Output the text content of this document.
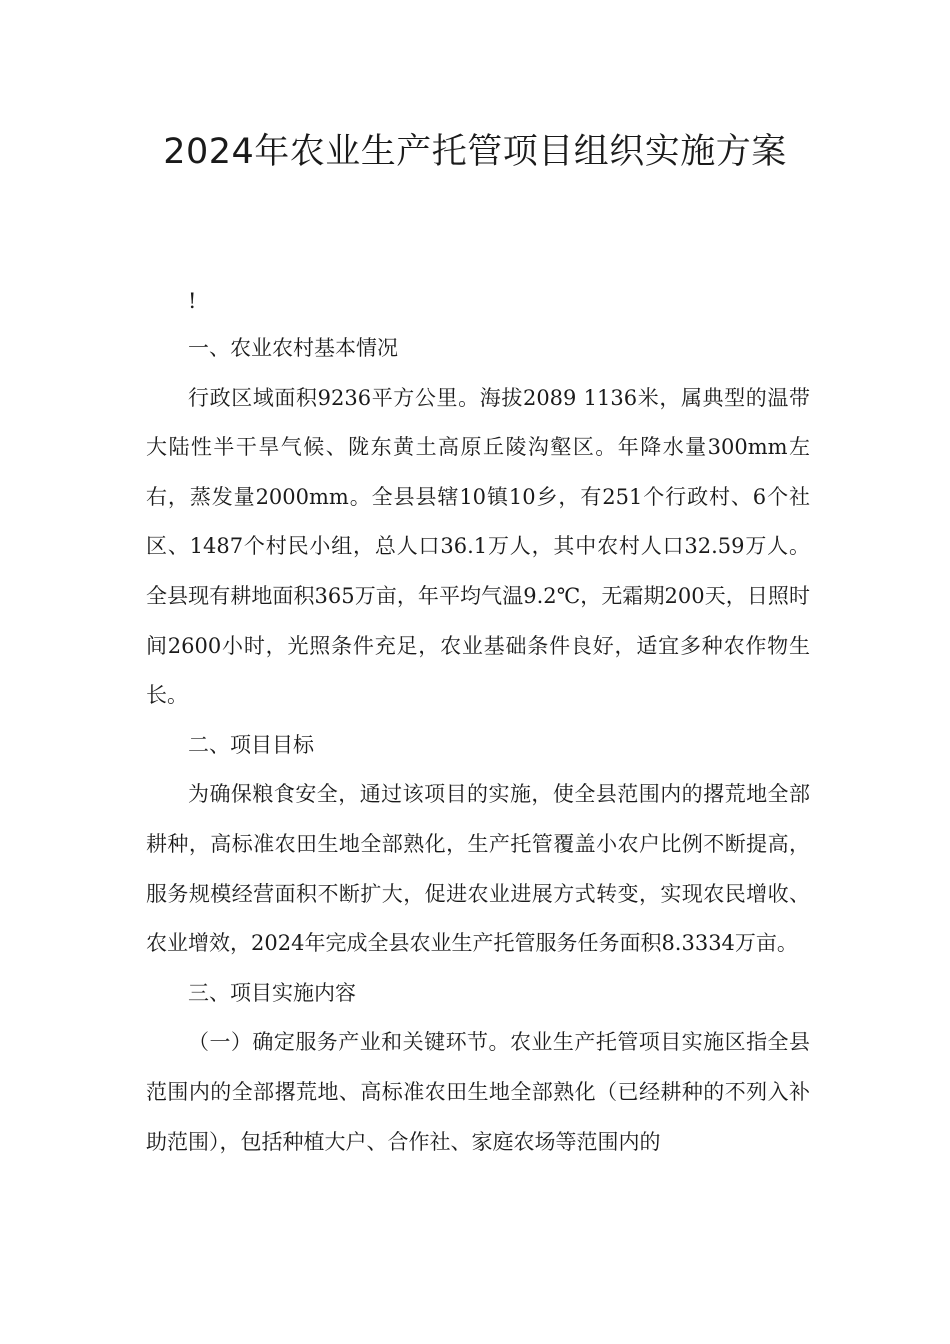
2024年农业生产托管项目组织实施方案

!

一、农业农村基本情况

行政区域面积9236平方公里。海拔2089 1136米，属典型的温带大陆性半干旱气候、陇东黄土高原丘陵沟壑区。年降水量300mm左右，蒸发量2000mm。全县县辖10镇10乡，有251个行政村、6个社区、1487个村民小组，总人口36.1万人，其中农村人口32.59万人。全县现有耕地面积365万亩，年平均气温9.2℃，无霜期200天，日照时间2600小时，光照条件充足，农业基础条件良好，适宜多种农作物生长。

二、项目目标

为确保粮食安全，通过该项目的实施，使全县范围内的撂荒地全部耕种，高标准农田生地全部熟化，生产托管覆盖小农户比例不断提高，服务规模经营面积不断扩大，促进农业进展方式转变，实现农民增收、农业增效，2024年完成全县农业生产托管服务任务面积8.3334万亩。

三、项目实施内容

（一）确定服务产业和关键环节。农业生产托管项目实施区指全县范围内的全部撂荒地、高标准农田生地全部熟化（已经耕种的不列入补助范围），包括种植大户、合作社、家庭农场等范围内的
